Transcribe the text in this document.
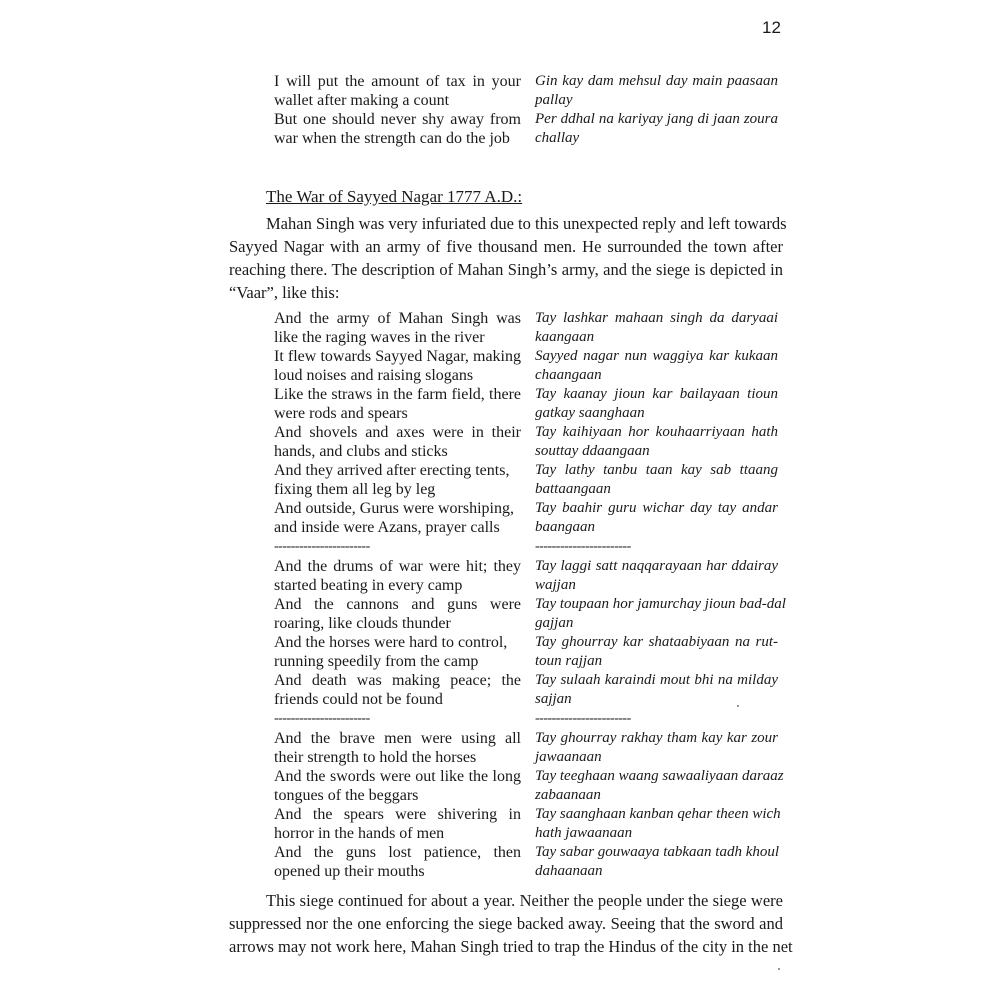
12
I will put the amount of tax in your
wallet after making a count
But one should never shy away from
war when the strength can do the job
Gin kay dam mehsul day main paasaan
pallay
Per ddhal na kariyay jang di jaan zoura
challay
The War of Sayyed Nagar 1777 A.D.:
Mahan Singh was very infuriated due to this unexpected reply and left towards
Sayyed Nagar with an army of five thousand men. He surrounded the town after
reaching there. The description of Mahan Singh’s army, and the siege is depicted in
“Vaar”, like this:
And the army of Mahan Singh was
like the raging waves in the river
It flew towards Sayyed Nagar, making
loud noises and raising slogans
Like the straws in the farm field, there
were rods and spears
And shovels and axes were in their
hands, and clubs and sticks
And they arrived after erecting tents,
fixing them all leg by leg
And outside, Gurus were worshiping,
and inside were Azans, prayer calls
Tay lashkar mahaan singh da daryaai
kaangaan
Sayyed nagar nun waggiya kar kukaan
chaangaan
Tay kaanay jioun kar bailayaan tioun
gatkay saanghaan
Tay kaihiyaan hor kouhaarriyaan hath
souttay ddaangaan
Tay lathy tanbu taan kay sab ttaang
battaangaan
Tay baahir guru wichar day tay andar
baangaan
-----------------------	-----------------------
And the drums of war were hit; they
started beating in every camp
And the cannons and guns were
roaring, like clouds thunder
And the horses were hard to control,
running speedily from the camp
And death was making peace; the
friends could not be found
Tay laggi satt naqqarayaan har ddairay
wajjan
Tay toupaan hor jamurchay jioun bad-dal
gajjan
Tay ghourray kar shataabiyaan na rut-
toun rajjan
Tay sulaah karaindi mout bhi na milday
sajjan
-----------------------	-----------------------
And the brave men were using all
their strength to hold the horses
And the swords were out like the long
tongues of the beggars
And the spears were shivering in
horror in the hands of men
And the guns lost patience, then
opened up their mouths
Tay ghourray rakhay tham kay kar zour
jawaanaan
Tay teeghaan waang sawaaliyaan daraaz
zabaanaan
Tay saanghaan kanban qehar theen wich
hath jawaanaan
Tay sabar gouwaaya tabkaan tadh khoul
dahaanaan
This siege continued for about a year. Neither the people under the siege were
suppressed nor the one enforcing the siege backed away. Seeing that the sword and
arrows may not work here, Mahan Singh tried to trap the Hindus of the city in the net
